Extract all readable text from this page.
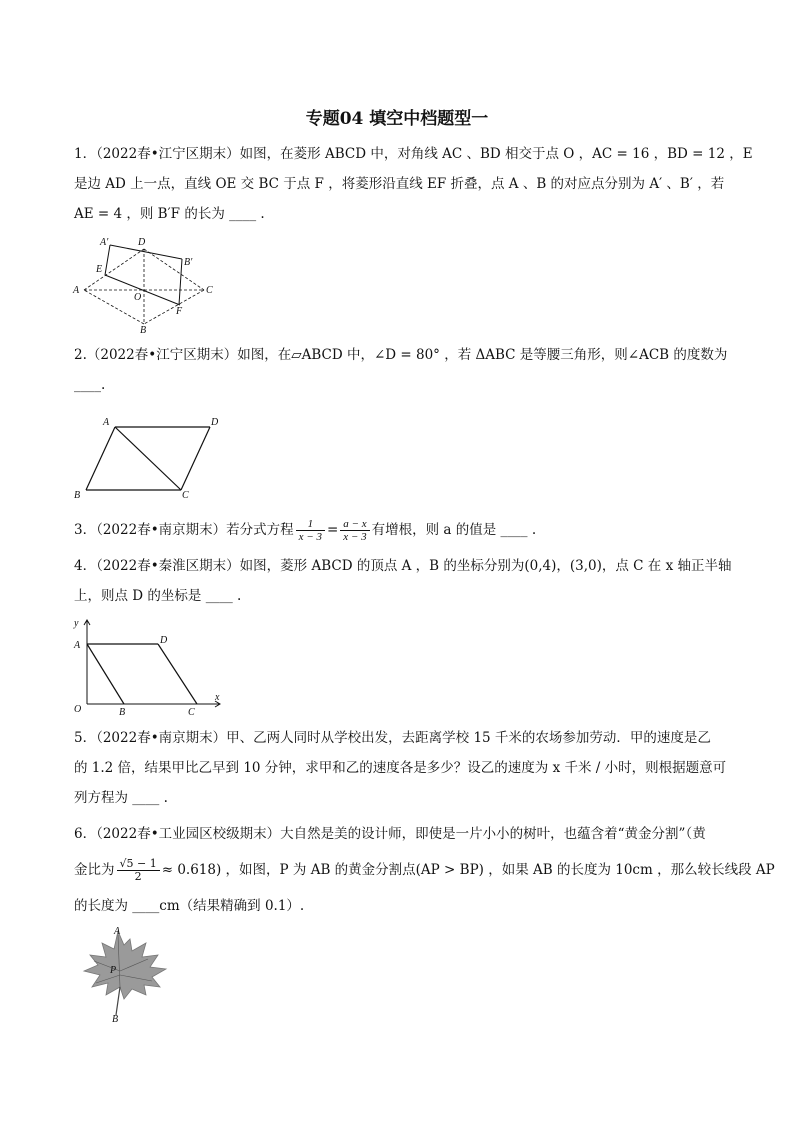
专题04 填空中档题型一
1．（2022春•江宁区期末）如图，在菱形 ABCD 中，对角线 AC 、BD 相交于点 O ，AC = 16 ，BD = 12 ，E
是边 AD 上一点，直线 OE 交 BC 于点 F ，将菱形沿直线 EF 折叠，点 A 、B 的对应点分别为 A′ 、B′ ，若
AE = 4 ，则 B′F 的长为 ____ .
A′	D
B′
E
A
O
C
F
B
2.（2022春•江宁区期末）如图，在▱ABCD 中，∠D = 80° ，若 ΔABC 是等腰三角形，则∠ACB 的度数为
____.
A	D
B	C
3．（2022春•南京期末）若分式方程 $\frac{1}{x - 3} = \frac{a - x}{x - 3}$ 有增根，则 a 的值是 ____ .
4．（2022春•秦淮区期末）如图，菱形 ABCD 的顶点 A ，B 的坐标分别为(0,4)，(3,0)，点 C 在 x 轴正半轴
上，则点 D 的坐标是 ____ .
y
A	D
O	B	C
x
5．（2022春•南京期末）甲、乙两人同时从学校出发，去距离学校 15 千米的农场参加劳动．甲的速度是乙
的 1.2 倍，结果甲比乙早到 10 分钟，求甲和乙的速度各是多少？设乙的速度为 x 千米 / 小时，则根据题意可
列方程为 ____ .
6．（2022春•工业园区校级期末）大自然是美的设计师，即使是一片小小的树叶，也蕴含着“黄金分割”（黄
金比为 $\frac{√5 - 1}{2} \approx 0.618$) ，如图，P 为 AB 的黄金分割点(AP > BP) ，如果 AB 的长度为 10cm ，那么较长线段 AP
的长度为 ____cm（结果精确到 0.1）.
A
P
B
